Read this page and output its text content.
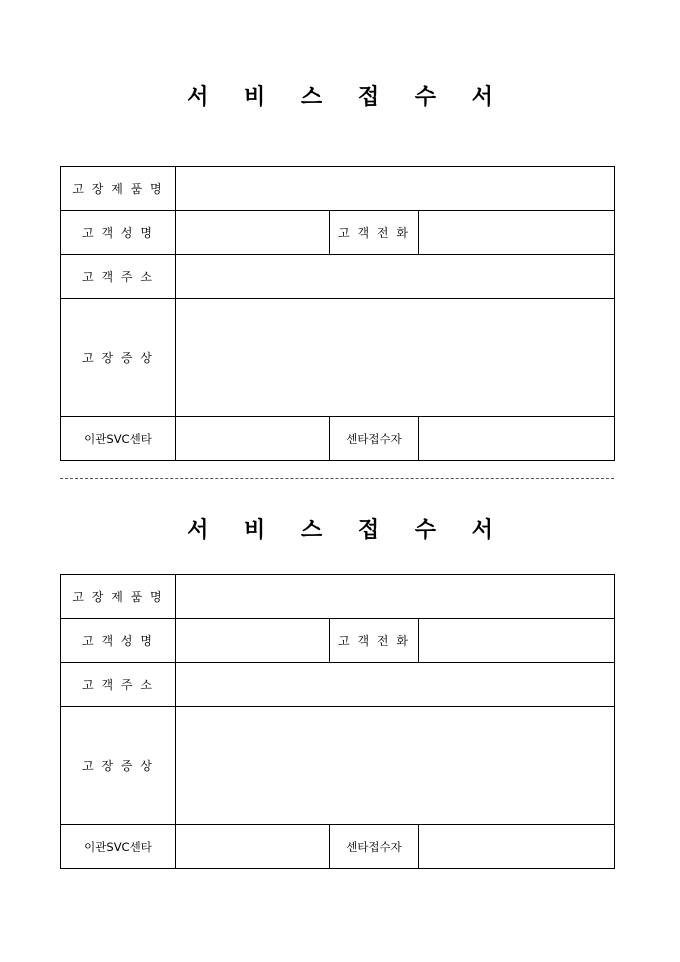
서 비 스 접 수 서
고 장 제 품 명			
고 객 성 명		고 객 전 화	
고 객 주 소			
고 장 증 상			
이관SVC센타		센타접수자	
서 비 스 접 수 서
고 장 제 품 명			
고 객 성 명		고 객 전 화	
고 객 주 소			
고 장 증 상			
이관SVC센타		센타접수자	
